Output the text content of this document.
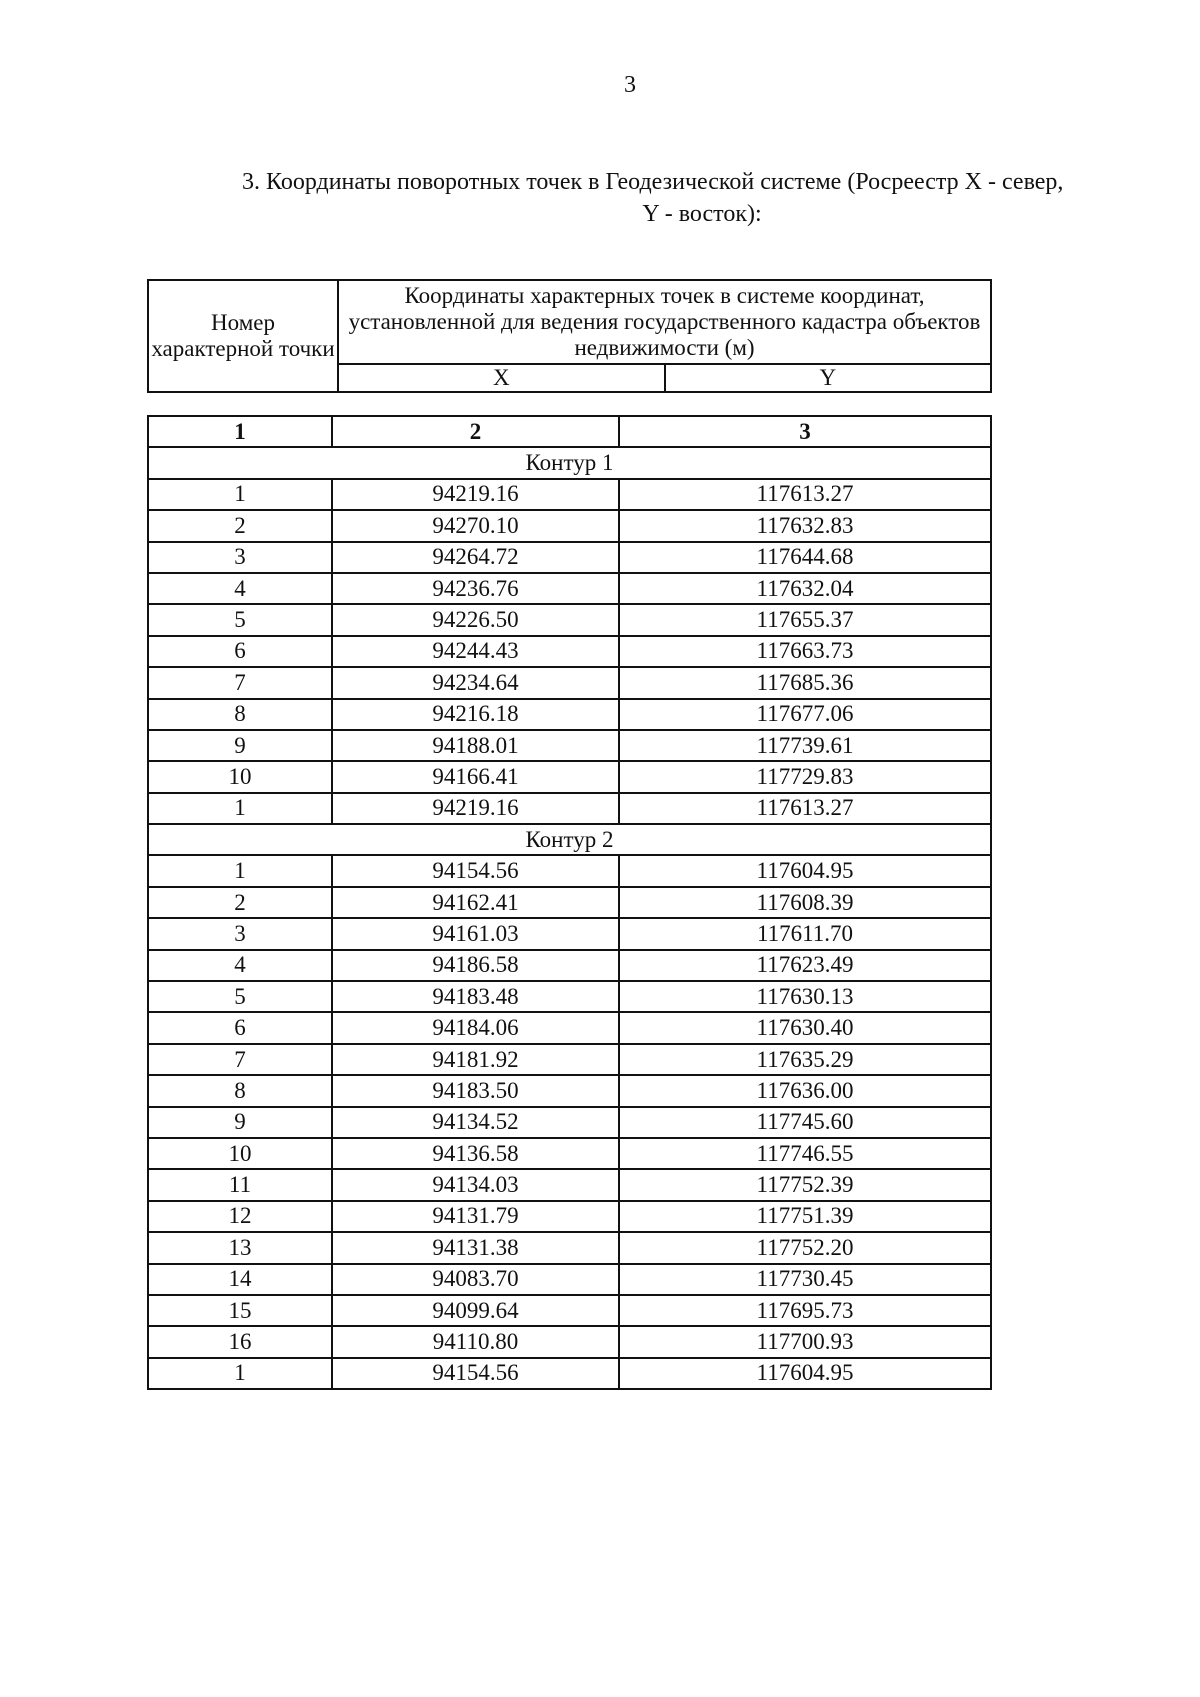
3
3. Координаты поворотных точек в Геодезической системе (Росреестр X - север,
Y - восток):
Номер характерной точки	Координаты характерных точек в системе координат, установленной для ведения государственного кадастра объектов недвижимости (м)	
	X	Y
1	2	3
Контур 1		
1	94219.16	117613.27
2	94270.10	117632.83
3	94264.72	117644.68
4	94236.76	117632.04
5	94226.50	117655.37
6	94244.43	117663.73
7	94234.64	117685.36
8	94216.18	117677.06
9	94188.01	117739.61
10	94166.41	117729.83
1	94219.16	117613.27
Контур 2		
1	94154.56	117604.95
2	94162.41	117608.39
3	94161.03	117611.70
4	94186.58	117623.49
5	94183.48	117630.13
6	94184.06	117630.40
7	94181.92	117635.29
8	94183.50	117636.00
9	94134.52	117745.60
10	94136.58	117746.55
11	94134.03	117752.39
12	94131.79	117751.39
13	94131.38	117752.20
14	94083.70	117730.45
15	94099.64	117695.73
16	94110.80	117700.93
1	94154.56	117604.95
